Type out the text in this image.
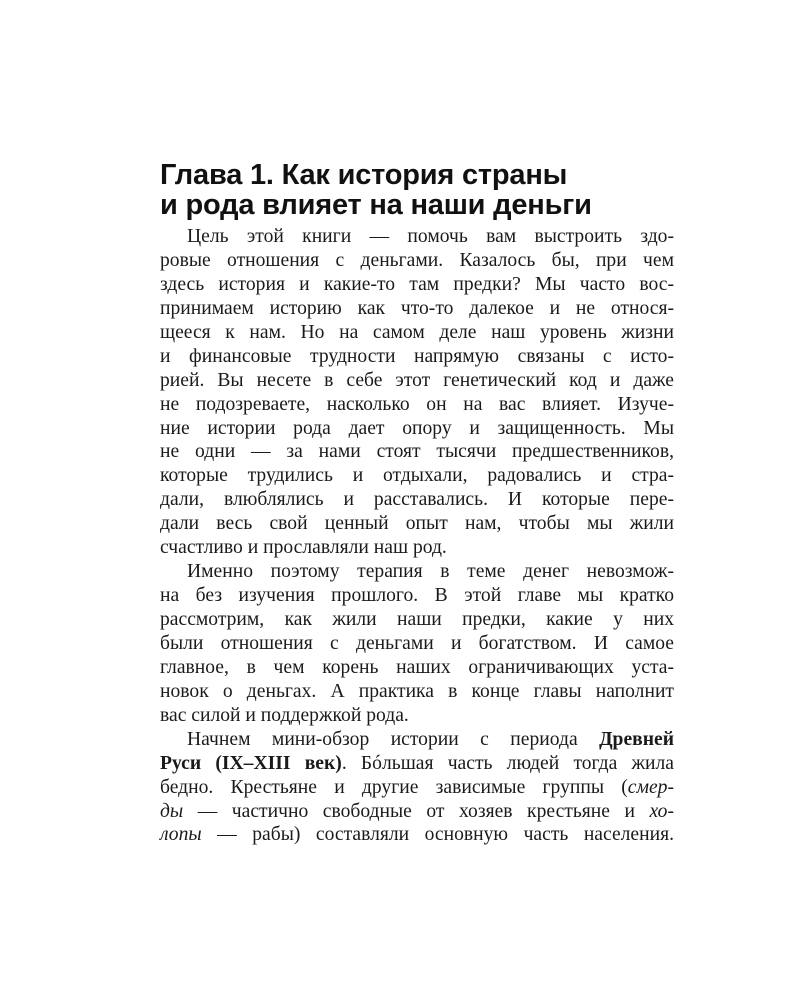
Глава 1. Как история страны
и рода влияет на наши деньги
Цель этой книги — помочь вам выстроить здо-
ровые отношения с деньгами. Казалось бы, при чем
здесь история и какие-то там предки? Мы часто вос-
принимаем историю как что-то далекое и не относя-
щееся к нам. Но на самом деле наш уровень жизни
и финансовые трудности напрямую связаны с исто-
рией. Вы несете в себе этот генетический код и даже
не подозреваете, насколько он на вас влияет. Изуче-
ние истории рода дает опору и защищенность. Мы
не одни — за нами стоят тысячи предшественников,
которые трудились и отдыхали, радовались и стра-
дали, влюблялись и расставались. И которые пере-
дали весь свой ценный опыт нам, чтобы мы жили
счастливо и прославляли наш род.
Именно поэтому терапия в теме денег невозмож-
на без изучения прошлого. В этой главе мы кратко
рассмотрим, как жили наши предки, какие у них
были отношения с деньгами и богатством. И самое
главное, в чем корень наших ограничивающих уста-
новок о деньгах. А практика в конце главы наполнит
вас силой и поддержкой рода.
Начнем мини-обзор истории с периода Древней
Руси (IX–XIII век). Бóльшая часть людей тогда жила
бедно. Крестьяне и другие зависимые группы (смер-
ды — частично свободные от хозяев крестьяне и хо-
лопы — рабы) составляли основную часть населения.
